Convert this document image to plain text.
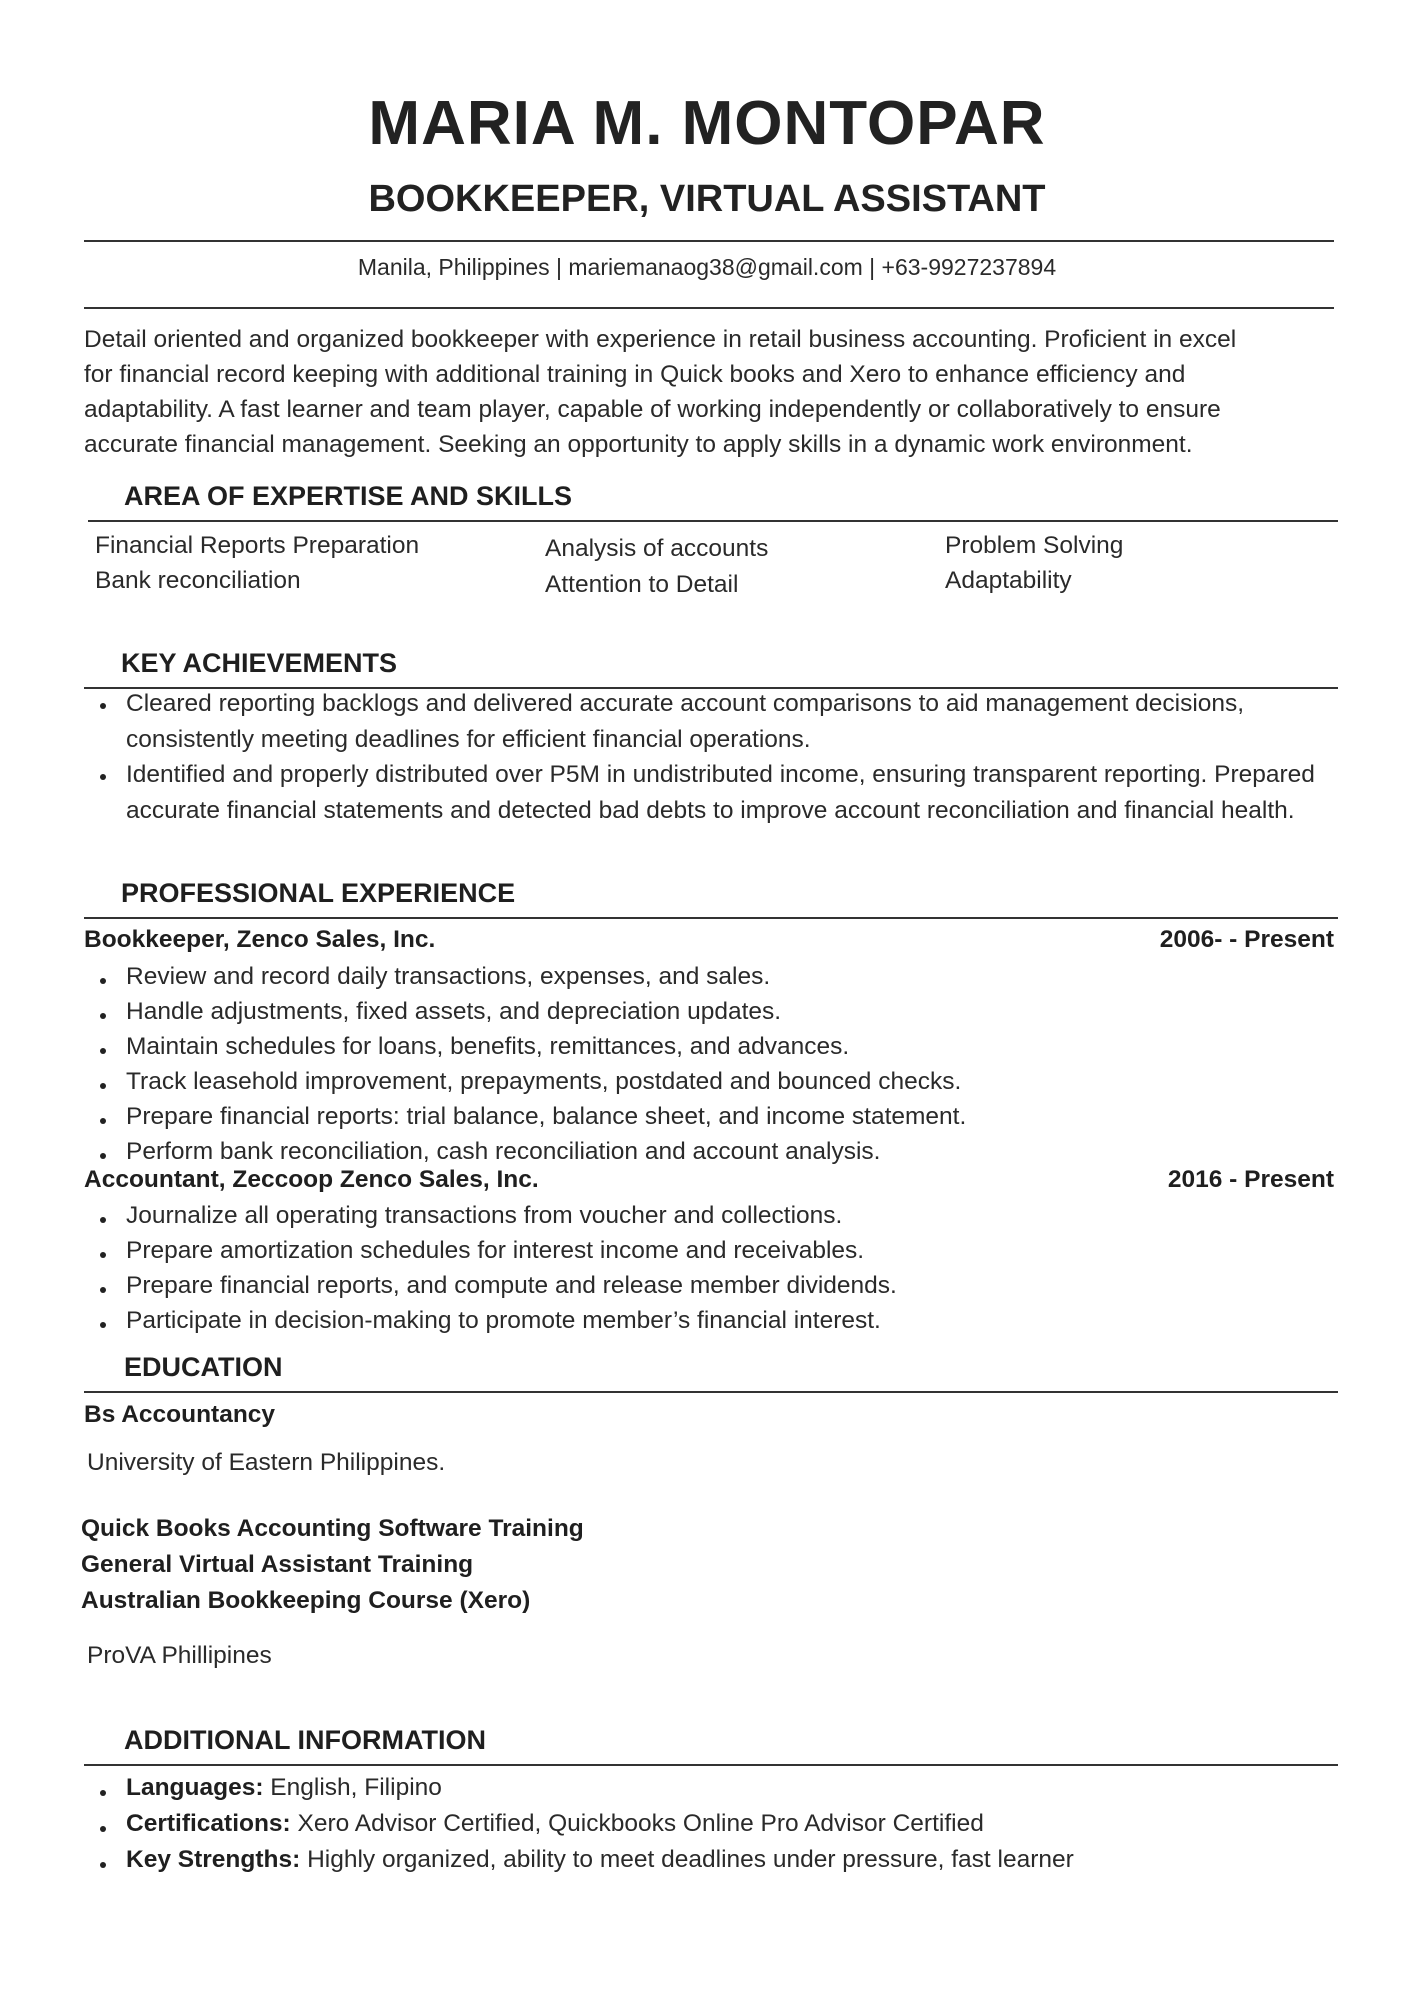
MARIA M. MONTOPAR
BOOKKEEPER, VIRTUAL ASSISTANT
Manila, Philippines | mariemanaog38@gmail.com | +63-9927237894

Detail oriented and organized bookkeeper with experience in retail business accounting. Proficient in excel

for financial record keeping with additional training in Quick books and Xero to enhance efficiency and

adaptability. A fast learner and team player, capable of working independently or collaboratively to ensure

accurate financial management. Seeking an opportunity to apply skills in a dynamic work environment.

AREA OF EXPERTISE AND SKILLS
Financial Reports Preparation
Bank reconciliation
Analysis of accounts
Attention to Detail
Problem Solving
Adaptability
KEY ACHIEVEMENTS
Cleared reporting backlogs and delivered accurate account comparisons to aid management decisions, consistently meeting deadlines for efficient financial operations.
Identified and properly distributed over P5M in undistributed income, ensuring transparent reporting. Prepared accurate financial statements and detected bad debts to improve account reconciliation and financial health.
PROFESSIONAL EXPERIENCE
Bookkeeper, Zenco Sales, Inc.	2006- - Present
Review and record daily transactions, expenses, and sales.
Handle adjustments, fixed assets, and depreciation updates.
Maintain schedules for loans, benefits, remittances, and advances.
Track leasehold improvement, prepayments, postdated and bounced checks.
Prepare financial reports: trial balance, balance sheet, and income statement.
Perform bank reconciliation, cash reconciliation and account analysis.
Accountant, Zeccoop Zenco Sales, Inc.	2016 - Present
Journalize all operating transactions from voucher and collections.
Prepare amortization schedules for interest income and receivables.
Prepare financial reports, and compute and release member dividends.
Participate in decision-making to promote member’s financial interest.
EDUCATION
Bs Accountancy
University of Eastern Philippines.
Quick Books Accounting Software Training
General Virtual Assistant Training
Australian Bookkeeping Course (Xero)
ProVA Phillipines
ADDITIONAL INFORMATION
Languages: English, Filipino
Certifications: Xero Advisor Certified, Quickbooks Online Pro Advisor Certified
Key Strengths: Highly organized, ability to meet deadlines under pressure, fast learner
